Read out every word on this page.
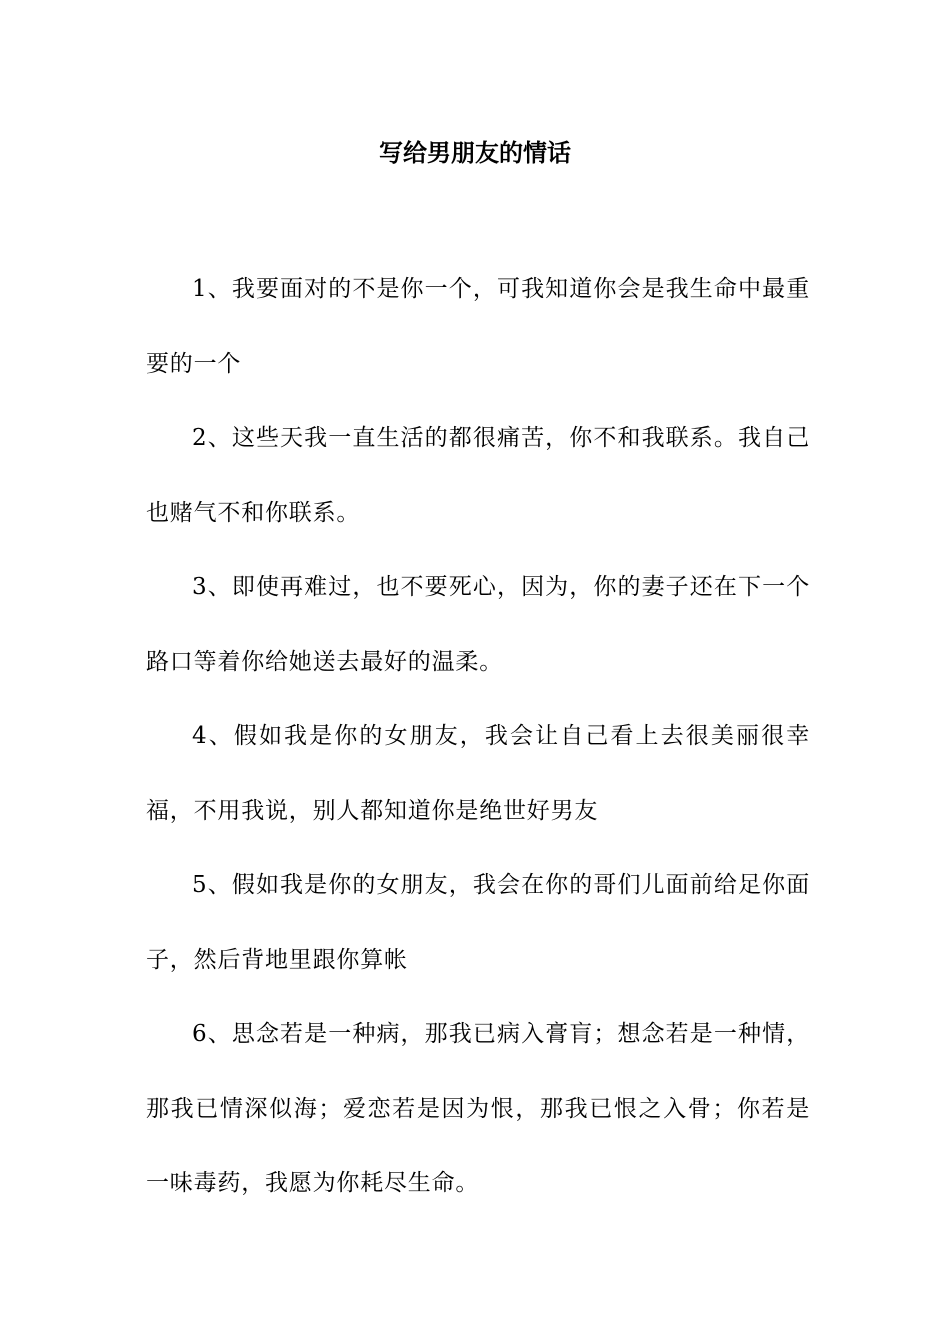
写给男朋友的情话

1、我要面对的不是你一个，可我知道你会是我生命中最重要的一个

2、这些天我一直生活的都很痛苦，你不和我联系。我自己也赌气不和你联系。

3、即使再难过，也不要死心，因为，你的妻子还在下一个路口等着你给她送去最好的温柔。

4、假如我是你的女朋友，我会让自己看上去很美丽很幸福，不用我说，别人都知道你是绝世好男友

5、假如我是你的女朋友，我会在你的哥们儿面前给足你面子，然后背地里跟你算帐

6、思念若是一种病，那我已病入膏肓；想念若是一种情，那我已情深似海；爱恋若是因为恨，那我已恨之入骨；你若是一味毒药，我愿为你耗尽生命。
